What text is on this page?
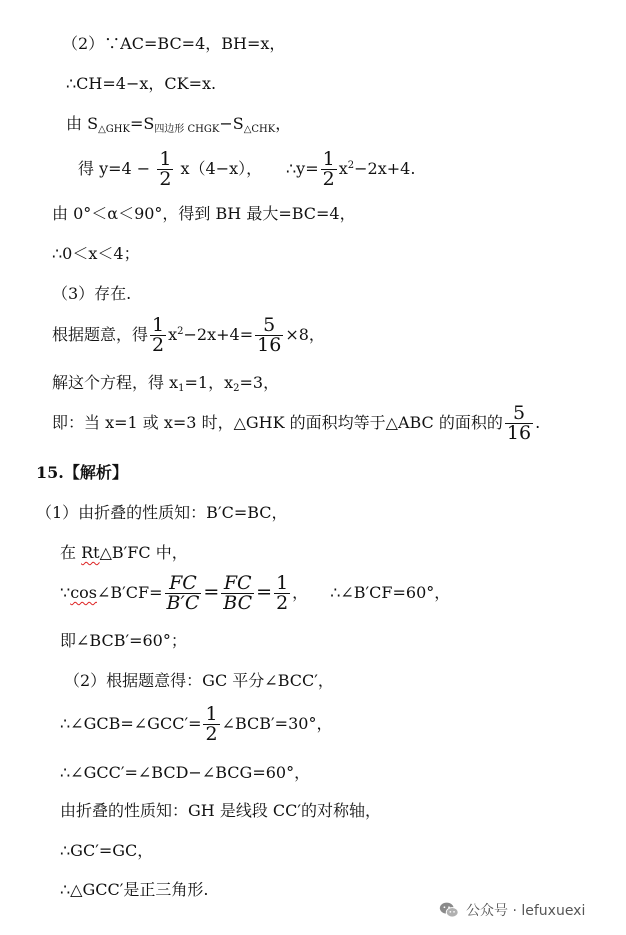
（2）∵AC=BC=4，BH=x，
∴CH=4−x，CK=x.
由 $S_{\triangle GHK}=S_{四边形 CHGK}-S_{\triangle CHK}$，
得 $y=4 - \frac{1}{2} x(4-x)$， ∴y= $\frac{1}{2} x^2-2x+4$.
由 0°＜α＜90°，得到 BH 最大=BC=4，
∴0＜x＜4；
（3）存在.
根据题意，得 $\frac{1}{2} x^2-2x+4= \frac{5}{16} \times 8$，
解这个方程，得 $x_1=1$，$x_2=3$，
即：当 x=1 或 x=3 时，△GHK 的面积均等于△ABC 的面积的 $\frac{5}{16}$ .
15.【解析】
（1）由折叠的性质知：B′C=BC，
在 Rt△B′FC 中，
∵cos∠B′CF= $\frac{FC}{B'C} = \frac{FC}{BC} = \frac{1}{2}$ ， ∴∠B′CF=60°，
即∠BCB′=60°；
（2）根据题意得：GC 平分∠BCC′，
∴∠GCB=∠GCC′= $\frac{1}{2}$ ∠BCB′=30°，
∴∠GCC′=∠BCD−∠BCG=60°，
由折叠的性质知：GH 是线段 CC′的对称轴，
∴GC′=GC，
∴△GCC′是正三角形.
公众号 · lefuxuexi
